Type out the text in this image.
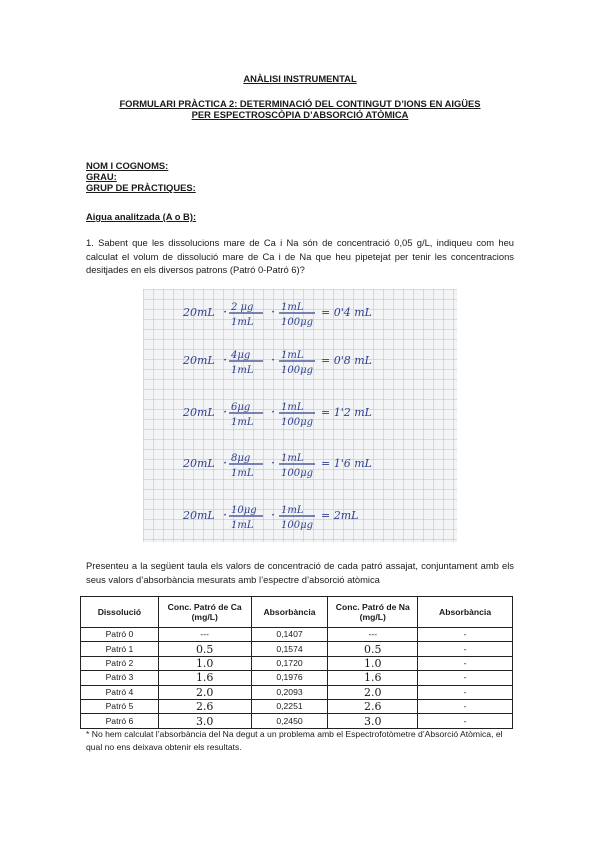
ANÀLISI INSTRUMENTAL
FORMULARI PRÀCTICA 2: DETERMINACIÓ DEL CONTINGUT D’IONS EN AIGÜES
PER ESPECTROSCÒPIA D’ABSORCIÓ ATÒMICA
NOM I COGNOMS:
GRAU:
GRUP DE PRÀCTIQUES:
Aigua analitzada (A o B):
1. Sabent que les dissolucions mare de Ca i Na són de concentració 0,05 g/L, indiqueu com heu calculat el volum de dissolució mare de Ca i de Na que heu pipetejat per tenir les concentracions desitjades en els diversos patrons (Patró 0-Patró 6)?
20mL · 2 μg
1mL
· 1mL
100μg
= 0'4 mL
20mL · 4μg
1mL
· 1mL
100μg
= 0'8 mL
20mL · 6μg
1mL
· 1mL
100μg
= 1'2 mL
20mL · 8μg
1mL
· 1mL
100μg
= 1'6 mL
20mL · 10μg
1mL
· 1mL
100μg
= 2mL
Presenteu a la següent taula els valors de concentració de cada patró assajat, conjuntament amb els seus valors d’absorbància mesurats amb l’espectre d’absorció atòmica
Dissolució	Conc. Patró de Ca (mg/L)	Absorbància	Conc. Patró de Na (mg/L)	Absorbància
Patró 0	---	0,1407	---	-
Patró 1	0.5	0,1574	0.5	-
Patró 2	1.0	0,1720	1.0	-
Patró 3	1.6	0,1976	1.6	-
Patró 4	2.0	0,2093	2.0	-
Patró 5	2.6	0,2251	2.6	-
Patró 6	3.0	0,2450	3.0	-
* No hem calculat l’absorbància del Na degut a un problema amb el Espectrofotòmetre d’Absorció Atòmica, el qual no ens deixava obtenir els resultats.
